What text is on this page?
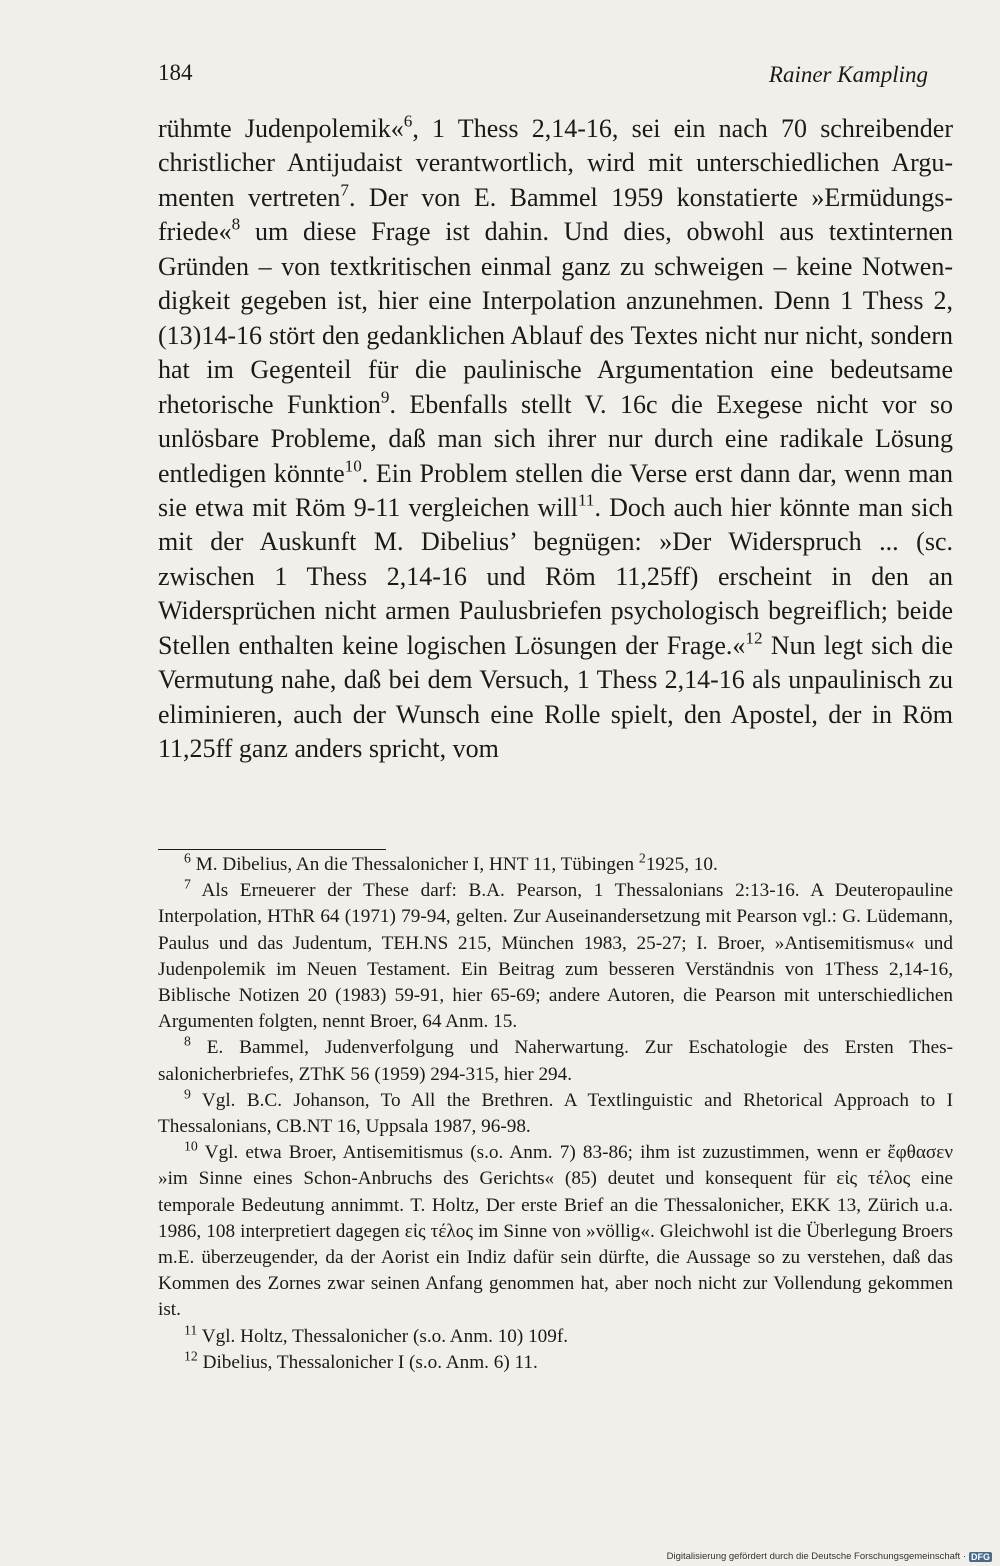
184	Rainer Kampling

rühmte Judenpolemik«$^6$, 1 Thess 2,14-16, sei ein nach 70 schreibender christlicher Antijudaist verantwortlich, wird mit unterschiedlichen Argumenten vertreten$^7$. Der von E. Bammel 1959 konstatierte »Ermüdungsfriede«$^8$ um diese Frage ist dahin. Und dies, obwohl aus textinternen Gründen – von textkritischen einmal ganz zu schweigen – keine Notwendigkeit gegeben ist, hier eine Interpolation anzunehmen. Denn 1 Thess 2,(13)14-16 stört den gedanklichen Ablauf des Textes nicht nur nicht, sondern hat im Gegenteil für die paulinische Argumentation eine bedeutsame rhetorische Funktion$^9$. Ebenfalls stellt V. 16c die Exegese nicht vor so unlösbare Probleme, daß man sich ihrer nur durch eine radikale Lösung entledigen könnte$^{10}$. Ein Problem stellen die Verse erst dann dar, wenn man sie etwa mit Röm 9-11 vergleichen will$^{11}$. Doch auch hier könnte man sich mit der Auskunft M. Dibelius’ begnügen: »Der Widerspruch ... (sc. zwischen 1 Thess 2,14-16 und Röm 11,25ff) erscheint in den an Widersprüchen nicht armen Paulusbriefen psychologisch begreiflich; beide Stellen enthalten keine logischen Lösungen der Frage.«$^{12}$ Nun legt sich die Vermutung nahe, daß bei dem Versuch, 1 Thess 2,14-16 als unpaulinisch zu eliminieren, auch der Wunsch eine Rolle spielt, den Apostel, der in Röm 11,25ff ganz anders spricht, vom

$^6$ M. Dibelius, An die Thessalonicher I, HNT 11, Tübingen $^2$1925, 10.

$^7$ Als Erneuerer der These darf: B.A. Pearson, 1 Thessalonians 2:13-16. A Deuteropauline Interpolation, HThR 64 (1971) 79-94, gelten. Zur Auseinandersetzung mit Pearson vgl.: G. Lüdemann, Paulus und das Judentum, TEH.NS 215, München 1983, 25-27; I. Broer, »Antisemitismus« und Judenpolemik im Neuen Testament. Ein Beitrag zum besseren Verständnis von 1Thess 2,14-16, Biblische Notizen 20 (1983) 59-91, hier 65-69; andere Autoren, die Pearson mit unterschiedlichen Argumenten folgten, nennt Broer, 64 Anm. 15.

$^8$ E. Bammel, Judenverfolgung und Naherwartung. Zur Eschatologie des Ersten Thessalonicherbriefes, ZThK 56 (1959) 294-315, hier 294.

$^9$ Vgl. B.C. Johanson, To All the Brethren. A Textlinguistic and Rhetorical Approach to I Thessalonians, CB.NT 16, Uppsala 1987, 96-98.

$^{10}$ Vgl. etwa Broer, Antisemitismus (s.o. Anm. 7) 83-86; ihm ist zuzustimmen, wenn er ἔφθασεν »im Sinne eines Schon-Anbruchs des Gerichts« (85) deutet und konsequent für εἰς τέλος eine temporale Bedeutung annimmt. T. Holtz, Der erste Brief an die Thessalonicher, EKK 13, Zürich u.a. 1986, 108 interpretiert dagegen εἰς τέλος im Sinne von »völlig«. Gleichwohl ist die Überlegung Broers m.E. überzeugender, da der Aorist ein Indiz dafür sein dürfte, die Aussage so zu verstehen, daß das Kommen des Zornes zwar seinen Anfang genommen hat, aber noch nicht zur Vollendung gekommen ist.

$^{11}$ Vgl. Holtz, Thessalonicher (s.o. Anm. 10) 109f.

$^{12}$ Dibelius, Thessalonicher I (s.o. Anm. 6) 11.

Digitalisierung gefördert durch die Deutsche Forschungsgemeinschaft · DFG
